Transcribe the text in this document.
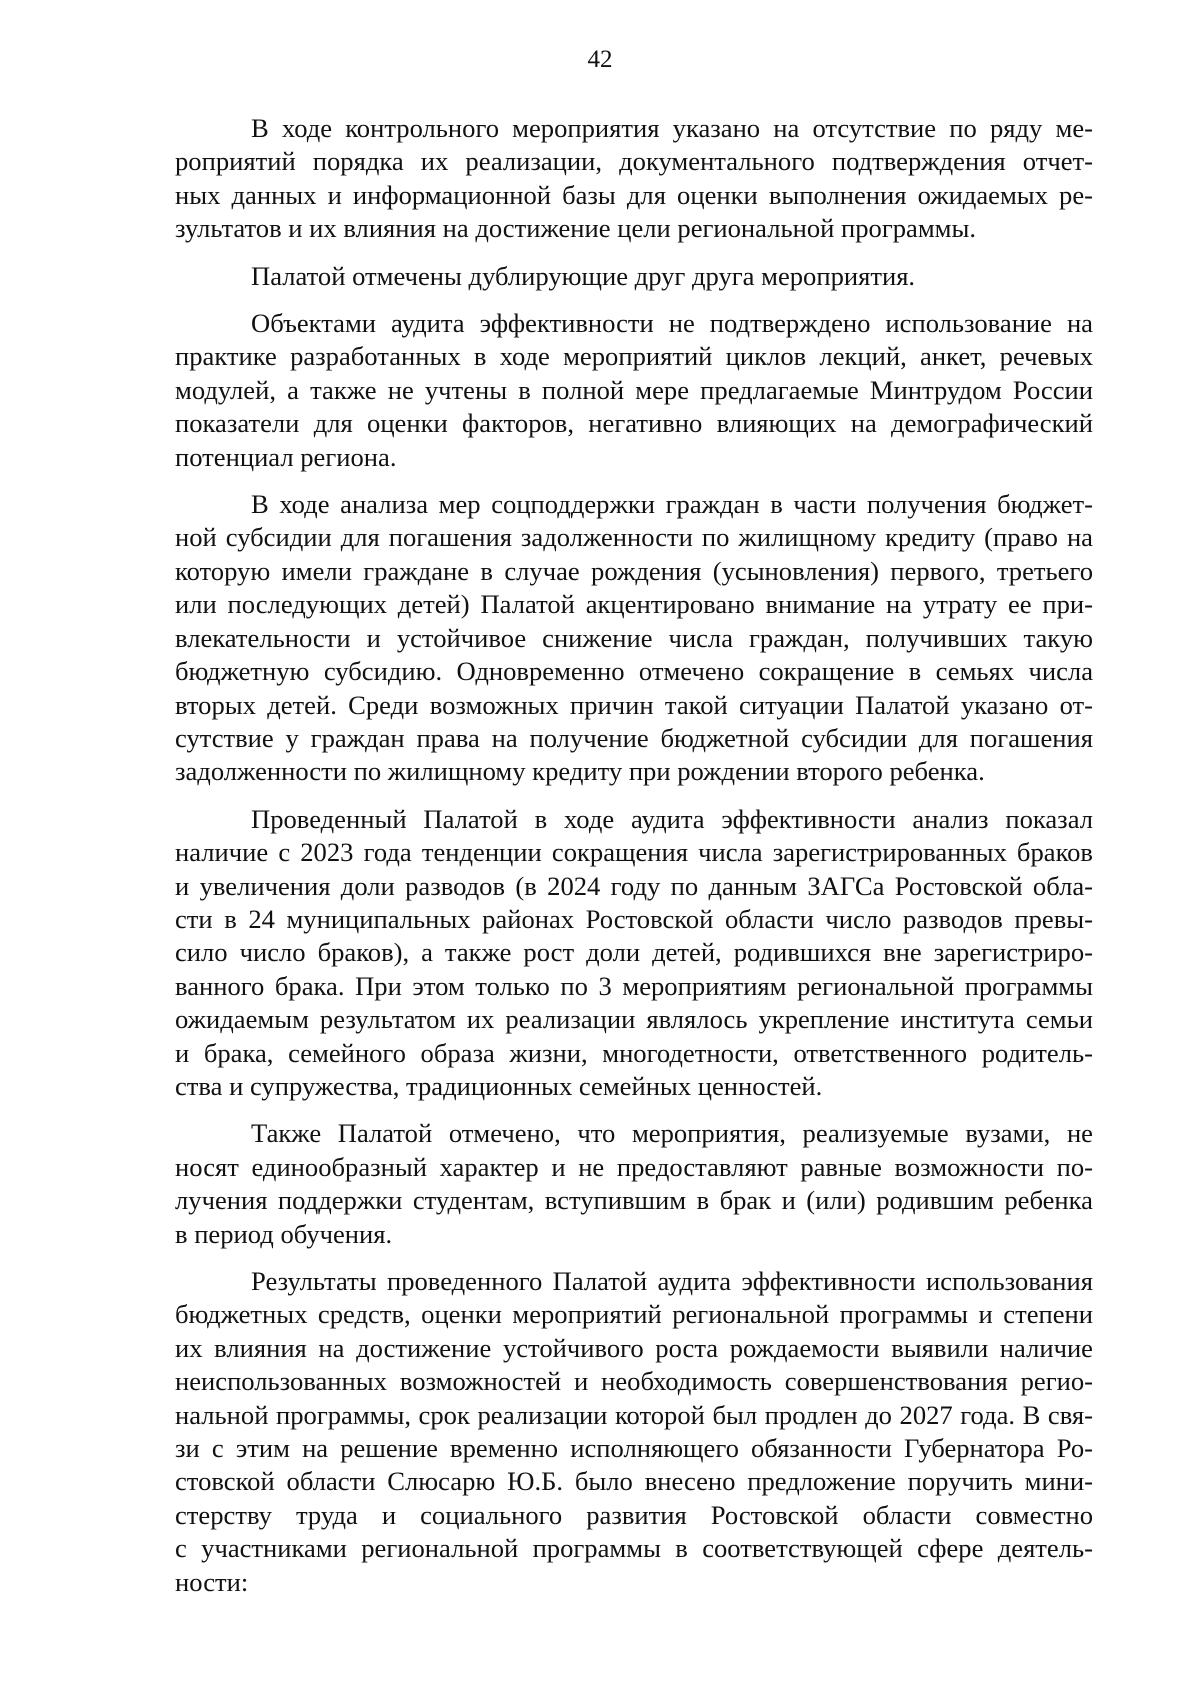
42

В ходе контрольного мероприятия указано на отсутствие по ряду ме-
роприятий порядка их реализации, документального подтверждения отчет-
ных данных и информационной базы для оценки выполнения ожидаемых ре-
зультатов и их влияния на достижение цели региональной программы.

Палатой отмечены дублирующие друг друга мероприятия.

Объектами аудита эффективности не подтверждено использование на
практике разработанных в ходе мероприятий циклов лекций, анкет, речевых
модулей, а также не учтены в полной мере предлагаемые Минтрудом России
показатели для оценки факторов, негативно влияющих на демографический
потенциал региона.

В ходе анализа мер соцподдержки граждан в части получения бюджет-
ной субсидии для погашения задолженности по жилищному кредиту (право на
которую имели граждане в случае рождения (усыновления) первого, третьего
или последующих детей) Палатой акцентировано внимание на утрату ее при-
влекательности и устойчивое снижение числа граждан, получивших такую
бюджетную субсидию. Одновременно отмечено сокращение в семьях числа
вторых детей. Среди возможных причин такой ситуации Палатой указано от-
сутствие у граждан права на получение бюджетной субсидии для погашения
задолженности по жилищному кредиту при рождении второго ребенка.

Проведенный Палатой в ходе аудита эффективности анализ показал
наличие с 2023 года тенденции сокращения числа зарегистрированных браков
и увеличения доли разводов (в 2024 году по данным ЗАГСа Ростовской обла-
сти в 24 муниципальных районах Ростовской области число разводов превы-
сило число браков), а также рост доли детей, родившихся вне зарегистриро-
ванного брака. При этом только по 3 мероприятиям региональной программы
ожидаемым результатом их реализации являлось укрепление института семьи
и брака, семейного образа жизни, многодетности, ответственного родитель-
ства и супружества, традиционных семейных ценностей.

Также Палатой отмечено, что мероприятия, реализуемые вузами, не
носят единообразный характер и не предоставляют равные возможности по-
лучения поддержки студентам, вступившим в брак и (или) родившим ребенка
в период обучения.

Результаты проведенного Палатой аудита эффективности использования
бюджетных средств, оценки мероприятий региональной программы и степени
их влияния на достижение устойчивого роста рождаемости выявили наличие
неиспользованных возможностей и необходимость совершенствования регио-
нальной программы, срок реализации которой был продлен до 2027 года. В свя-
зи с этим на решение временно исполняющего обязанности Губернатора Ро-
стовской области Слюсарю Ю.Б. было внесено предложение поручить мини-
стерству труда и социального развития Ростовской области совместно
с участниками региональной программы в соответствующей сфере деятель-
ности:
